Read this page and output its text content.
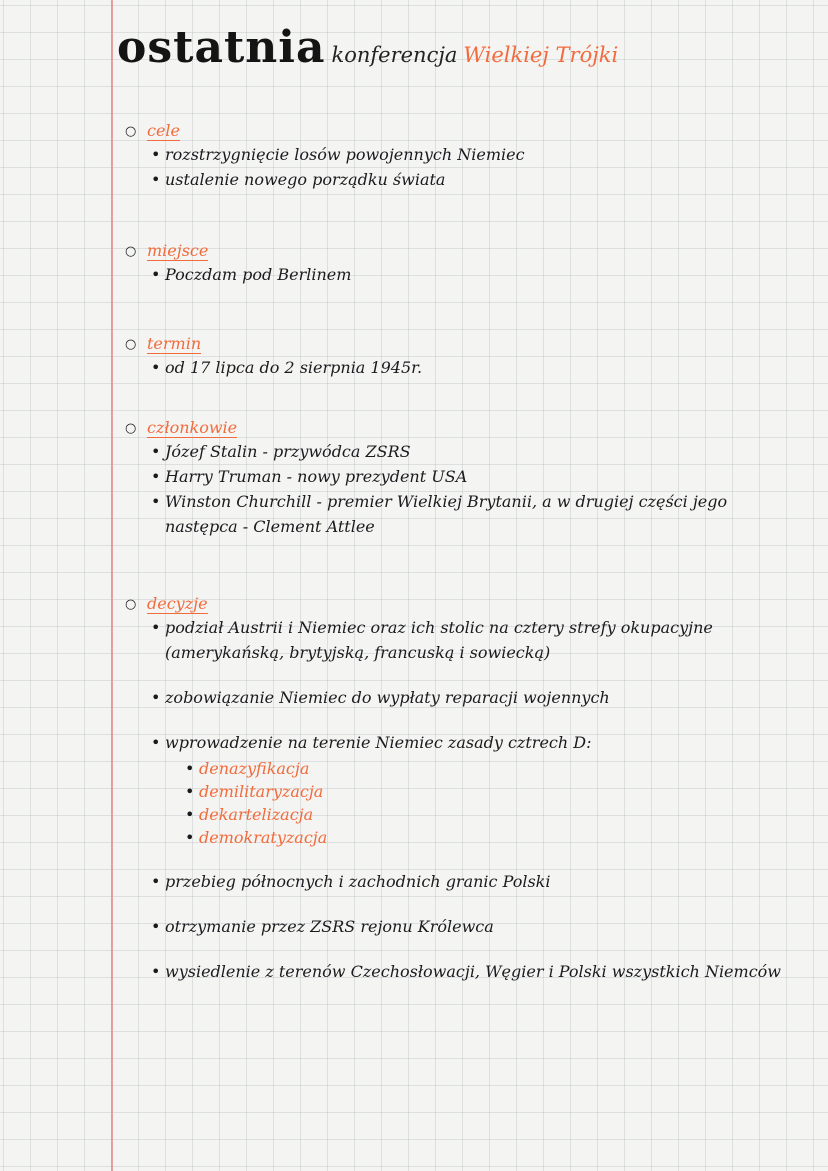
ostatnia konferencja Wielkiej Trójki
○ cele
• rozstrzygnięcie losów powojennych Niemiec
• ustalenie nowego porządku świata
○ miejsce
• Poczdam pod Berlinem
○ termin
• od 17 lipca do 2 sierpnia 1945r.
○ członkowie
• Józef Stalin - przywódca ZSRS
• Harry Truman - nowy prezydent USA
• Winston Churchill - premier Wielkiej Brytanii, a w drugiej części jego następca - Clement Attlee
○ decyzje
• podział Austrii i Niemiec oraz ich stolic na cztery strefy okupacyjne (amerykańską, brytyjską, francuską i sowiecką)
• zobowiązanie Niemiec do wypłaty reparacji wojennych
• wprowadzenie na terenie Niemiec zasady cztrech D:
• denazyfikacja
• demilitaryzacja
• dekartelizacja
• demokratyzacja
• przebieg północnych i zachodnich granic Polski
• otrzymanie przez ZSRS rejonu Królewca
• wysiedlenie z terenów Czechosłowacji, Węgier i Polski wszystkich Niemców
